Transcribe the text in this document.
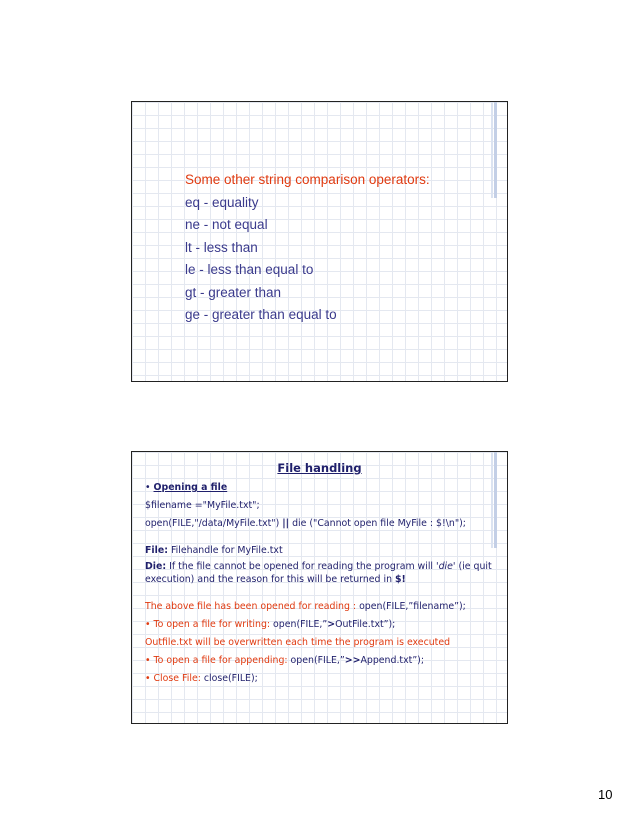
Some other string comparison operators:
eq - equality
ne - not equal
lt - less than
le - less than equal to
gt - greater than
ge - greater than equal to
File handling
• Opening a file
$filename ="MyFile.txt";
open(FILE,"/data/MyFile.txt") || die ("Cannot open file MyFile : $!\n");
File: Filehandle for MyFile.txt
Die: If the file cannot be opened for reading the program will 'die' (ie quit execution) and the reason for this will be returned in $!
The above file has been opened for reading : open(FILE,”filename”);
• To open a file for writing: open(FILE,”>OutFile.txt”);
Outfile.txt will be overwritten each time the program is executed
• To open a file for appending: open(FILE,”>>Append.txt”);
• Close File: close(FILE);
10
